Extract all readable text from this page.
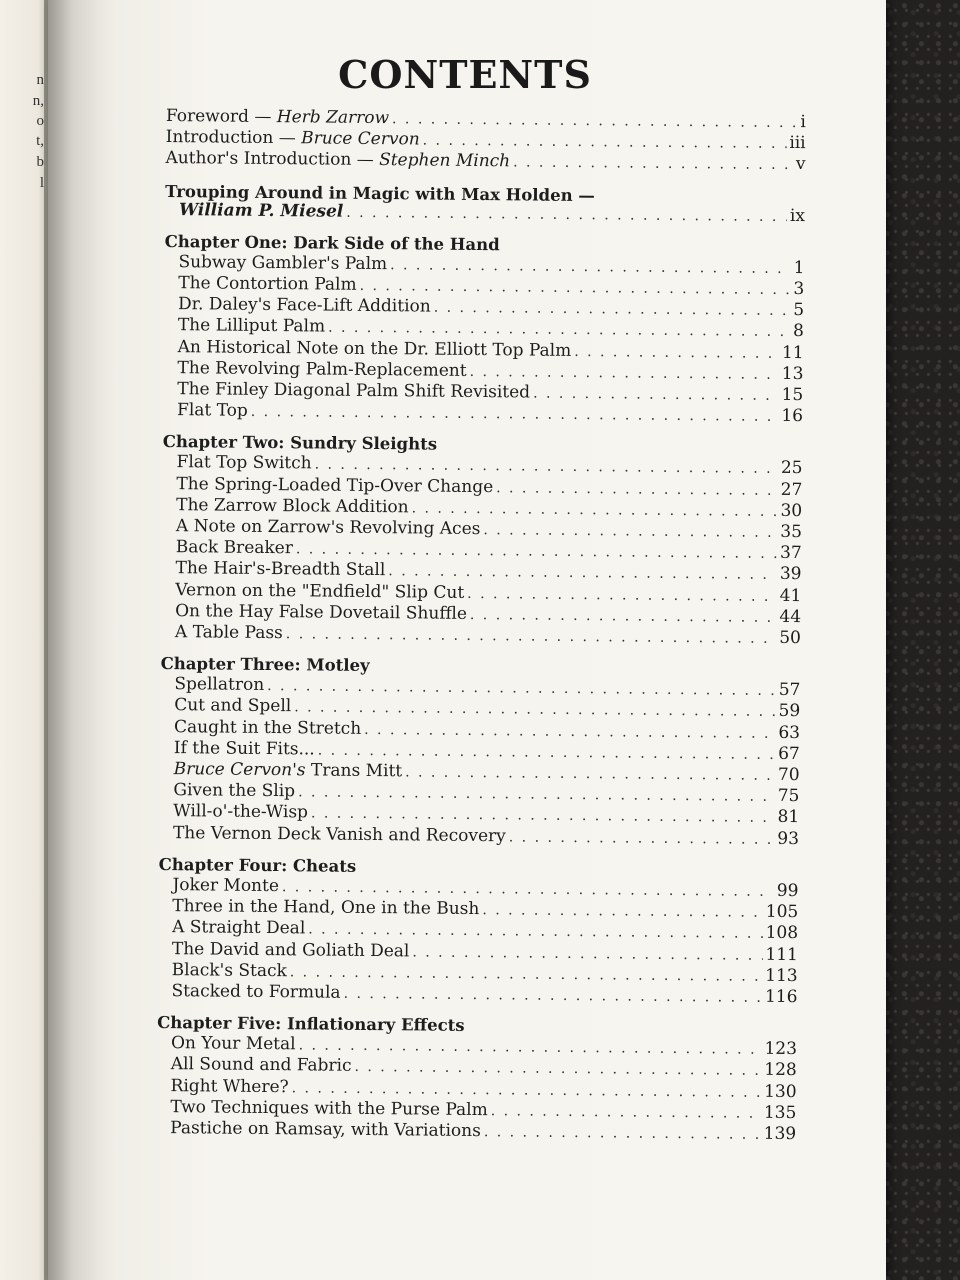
n
n,
o
t,
b
l
CONTENTS
Foreword — Herb Zarrow . . .	i
Introduction — Bruce Cervon . . .	iii
Author's Introduction — Stephen Minch . . .	v
Trouping Around in Magic with Max Holden —
William P. Miesel . . .	ix
Chapter One: Dark Side of the Hand
Subway Gambler's Palm . . .	1
The Contortion Palm . . .	3
Dr. Daley's Face-Lift Addition . . .	5
The Lilliput Palm . . .	8
An Historical Note on the Dr. Elliott Top Palm . . .	11
The Revolving Palm-Replacement . . .	13
The Finley Diagonal Palm Shift Revisited . . .	15
Flat Top . . .	16
Chapter Two: Sundry Sleights
Flat Top Switch . . .	25
The Spring-Loaded Tip-Over Change . . .	27
The Zarrow Block Addition . . .	30
A Note on Zarrow's Revolving Aces . . .	35
Back Breaker . . .	37
The Hair's-Breadth Stall . . .	39
Vernon on the "Endfield" Slip Cut . . .	41
On the Hay False Dovetail Shuffle . . .	44
A Table Pass . . .	50
Chapter Three: Motley
Spellatron . . .	57
Cut and Spell . . .	59
Caught in the Stretch . . .	63
If the Suit Fits... . . .	67
Bruce Cervon's Trans Mitt . . .	70
Given the Slip . . .	75
Will-o'-the-Wisp . . .	81
The Vernon Deck Vanish and Recovery . . .	93
Chapter Four: Cheats
Joker Monte . . .	99
Three in the Hand, One in the Bush . . .	105
A Straight Deal . . .	108
The David and Goliath Deal . . .	111
Black's Stack . . .	113
Stacked to Formula . . .	116
Chapter Five: Inflationary Effects
On Your Metal . . .	123
All Sound and Fabric . . .	128
Right Where? . . .	130
Two Techniques with the Purse Palm . . .	135
Pastiche on Ramsay, with Variations . . .	139
